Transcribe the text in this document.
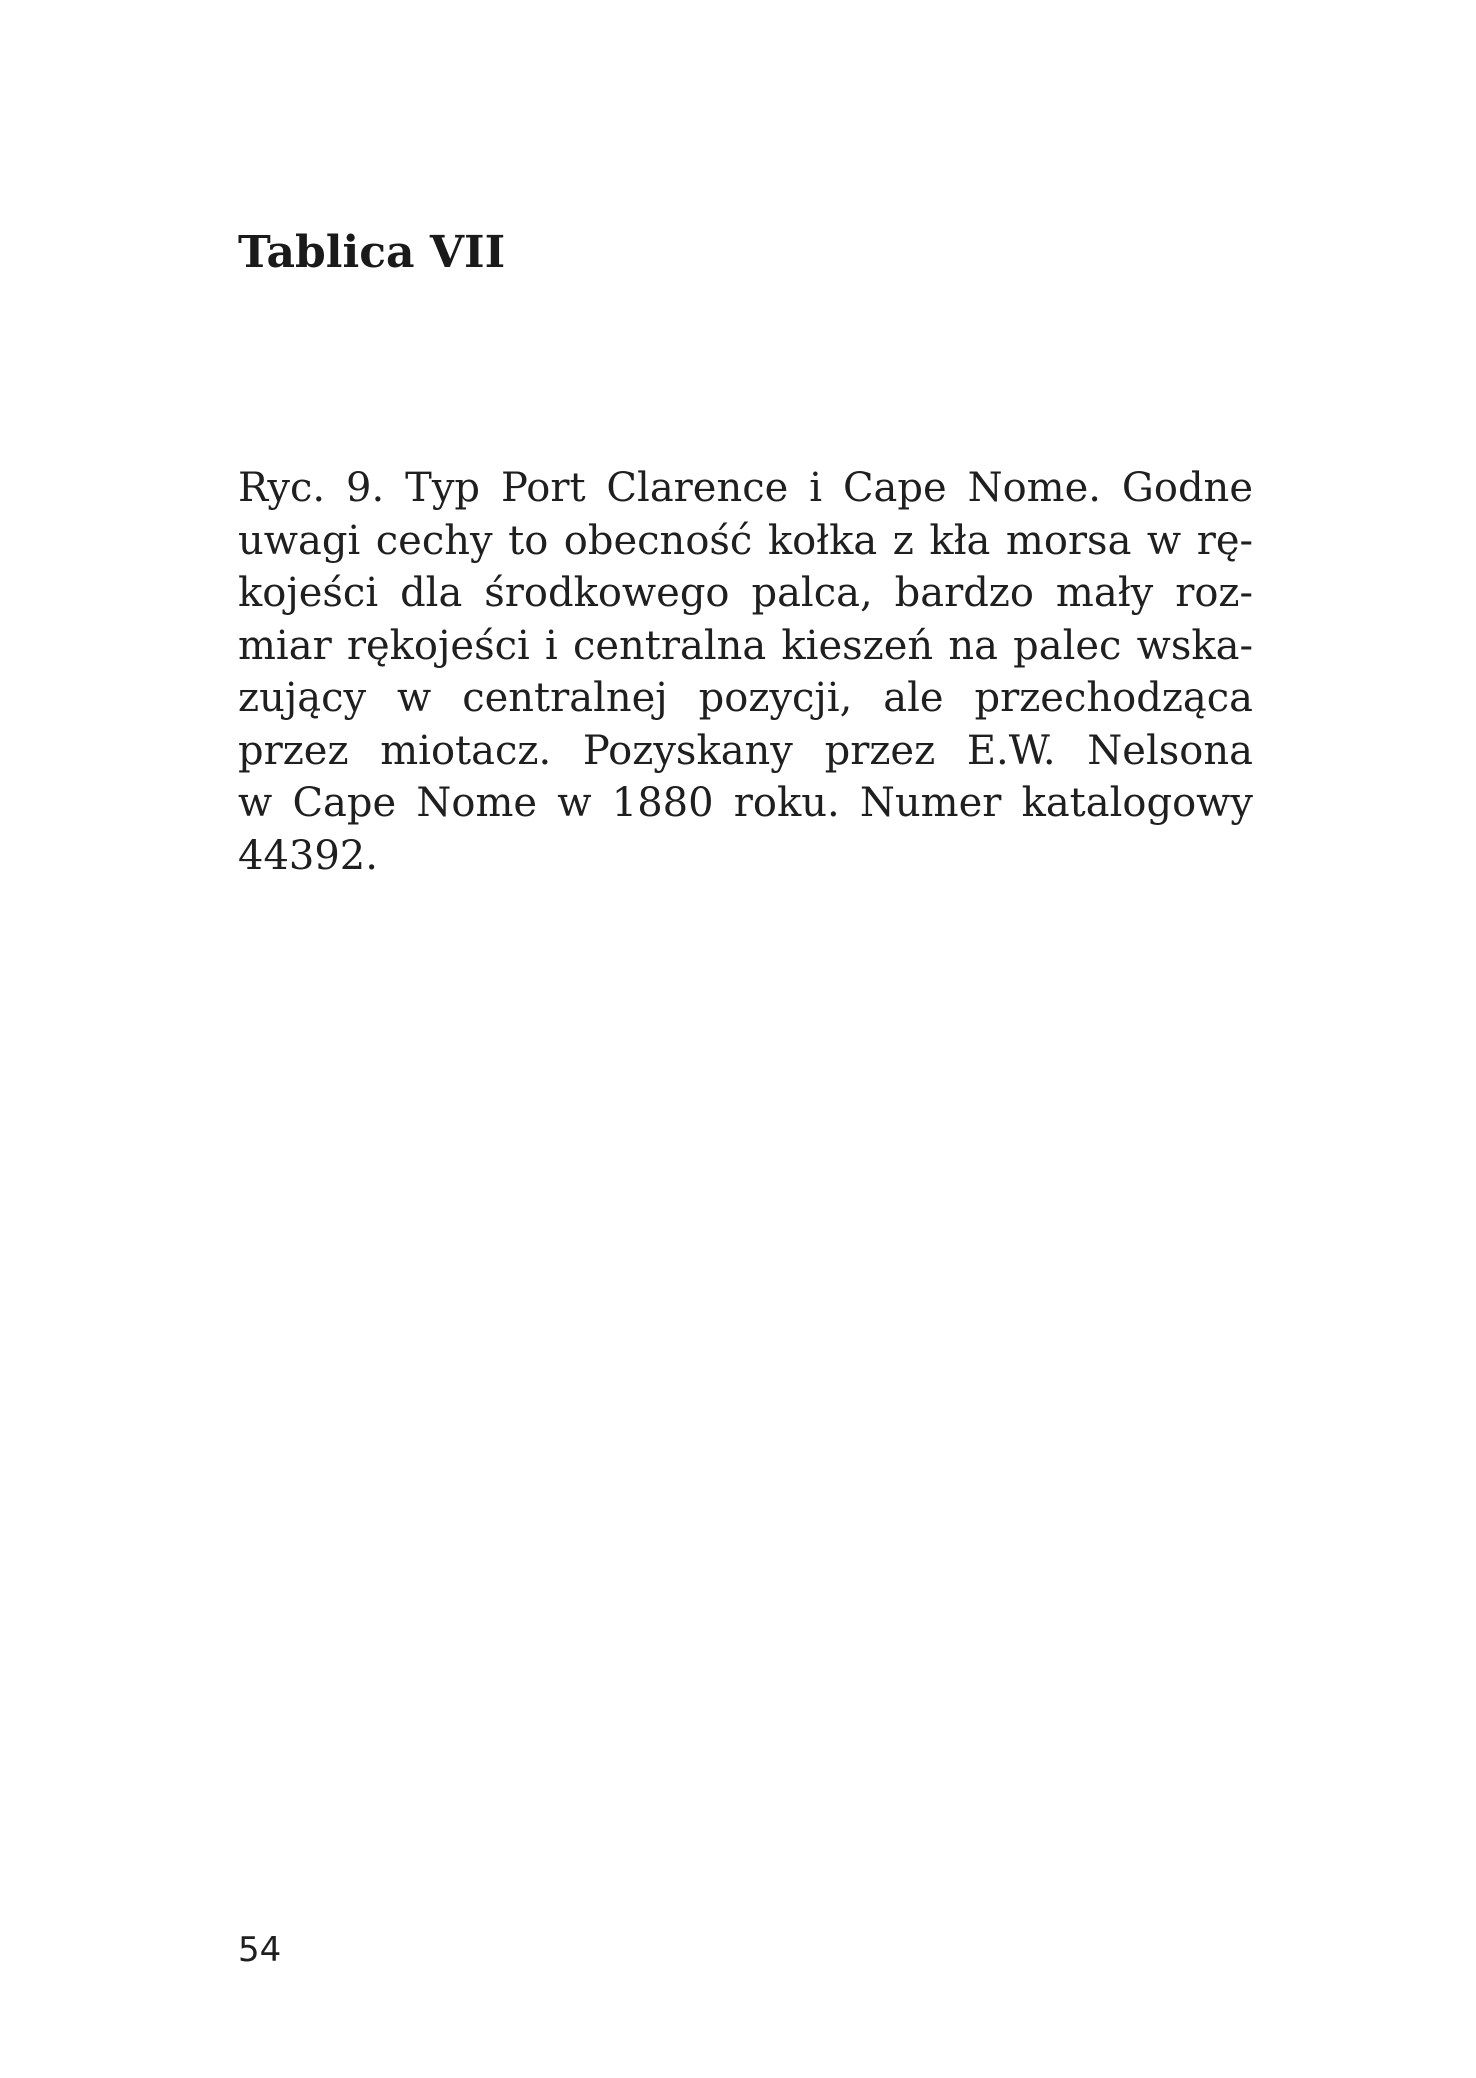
Tablica VII
Ryc. 9. Typ Port Clarence i Cape Nome. Godne
uwagi cechy to obecność kołka z kła morsa w rę-
kojeści dla środkowego palca, bardzo mały roz-
miar rękojeści i centralna kieszeń na palec wska-
zujący w centralnej pozycji, ale przechodząca
przez miotacz. Pozyskany przez E.W. Nelsona
w Cape Nome w 1880 roku. Numer katalogowy
44392.
54
